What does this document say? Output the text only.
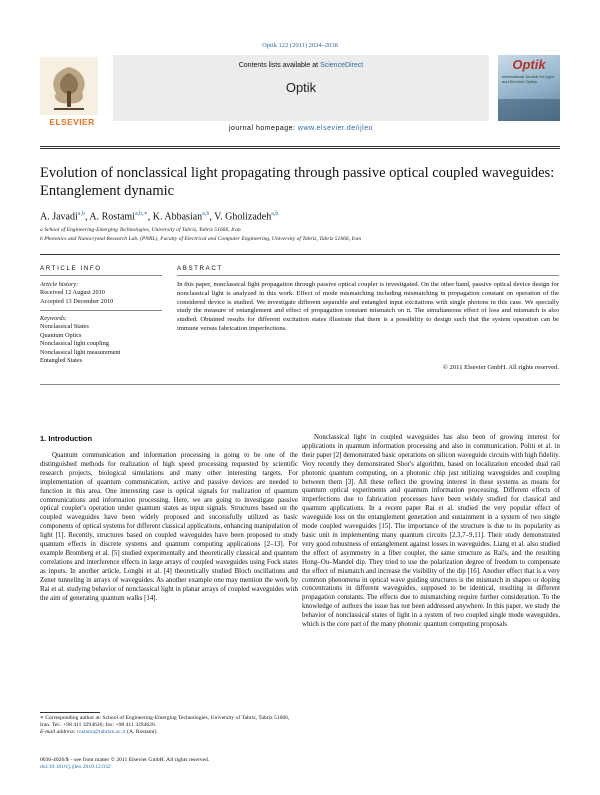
Optik 122 (2011) 2034–2038
ELSEVIER
Contents lists available at ScienceDirect
Optik
journal homepage: www.elsevier.de/ijleo
Optik
International Journal for Light and Electron Optics
Evolution of nonclassical light propagating through passive optical coupled waveguides: Entanglement dynamic
A. Javadi$^{a,b}$, A. Rostami$^{a,b,∗}$, K. Abbasian$^{a,b}$, V. Gholizadeh$^{a,b}$
a School of Engineering-Emerging Technologies, University of Tabriz, Tabriz 51666, Iran
b Photonics and Nanocrystal Research Lab. (PNRL), Faculty of Electrical and Computer Engineering, University of Tabriz, Tabriz 51666, Iran
ARTICLE INFO
Article history:
Received 12 August 2010
Accepted 13 December 2010
Keywords:
Nonclassical States
Quantum Optics
Nonclassical light coupling
Nonclassical light measurement
Entangled States
ABSTRACT
In this paper, nonclassical light propagation through passive optical coupler is investigated. On the other hand, passive optical device design for nonclassical light is analyzed in this work. Effect of mode mismatching including mismatching in propagation constant on operation of the considered device is studied. We investigate different separable and entangled input excitations with single photons in this case. We specially study the measure of entanglement and effect of propagation constant mismatch on it. The simultaneous effect of loss and mismatch is also studied. Obtained results for different excitation states illustrate that there is a possibility to design such that the system operation can be immune versus fabrication imperfections.
© 2011 Elsevier GmbH. All rights reserved.
1. Introduction

Quantum communication and information processing is going to be one of the distinguished methods for realization of high speed processing requested by scientific research projects, biological simulations and many other interesting targets. For implementation of quantum communication, active and passive devices are needed to function in this area. One interesting case is optical signals for realization of quantum communications and information processing. Here, we are going to investigate passive optical coupler's operation under quantum states as input signals. Structures based on the coupled waveguides have been widely proposed and successfully utilized as basic components of optical systems for different classical applications, enhancing manipulation of light [1]. Recently, structures based on coupled waveguides have been proposed to study quantum effects in discrete systems and quantum computing applications [2–13]. For example Bromberg et al. [5] studied experimentally and theoretically classical and quantum correlations and interference effects in large arrays of coupled waveguides using Fock states as inputs. In another article, Longhi et al. [4] theoretically studied Bloch oscillations and Zener tunneling in arrays of waveguides. As another example one may mention the work by Rai et al. studying behavior of nonclassical light in planar arrays of coupled waveguides with the aim of generating quantum walks [14].

Nonclassical light in coupled waveguides has also been of growing interest for applications in quantum information processing and also in communication. Politi et al. in their paper [2] demonstrated basic operations on silicon waveguide circuits with high fidelity. Very recently they demonstrated Shor's algorithm, based on localization encoded dual rail photonic quantum computing, on a photonic chip just utilizing waveguides and coupling between them [3]. All these reflect the growing interest in these systems as means for quantum optical experiments and quantum information processing. Different effects of imperfections due to fabrication processes have been widely studied for classical and quantum applications. In a recent paper Rai et al. studied the very popular effect of waveguide loss on the entanglement generation and sustainment in a system of two single mode coupled waveguides [15]. The importance of the structure is due to its popularity as basic unit in implementing many quantum circuits [2,3,7–9,11]. Their study demonstrated very good robustness of entanglement against losses in waveguides. Liang et al. also studied the effect of asymmetry in a fiber coupler, the same structure as Rai's, and the resulting Hong–Ou–Mandel dip. They tried to use the polarization degree of freedom to compensate the effect of mismatch and increase the visibility of the dip [16]. Another effect that is a very common phenomena in optical wave guiding structures is the mismatch in shapes or doping concentrations in different waveguides, supposed to be identical, resulting in different propagation constants. The effects due to mismatching require further consideration. To the knowledge of authors the issue has not been addressed anywhere. In this paper, we study the behavior of nonclassical states of light in a system of two coupled single mode waveguides, which is the core part of the many photonic quantum computing proposals

∗ Corresponding author at: School of Engineering-Emerging Technologies, University of Tabriz, Tabriz 51666, Iran. Tel.: +98 411 3294626; fax: +98 411 3294626.
E-mail address: rostami@tabrizu.ac.ir (A. Rostami).
0030-4026/$ – see front matter © 2011 Elsevier GmbH. All rights reserved.
doi:10.1016/j.ijleo.2010.12.032
